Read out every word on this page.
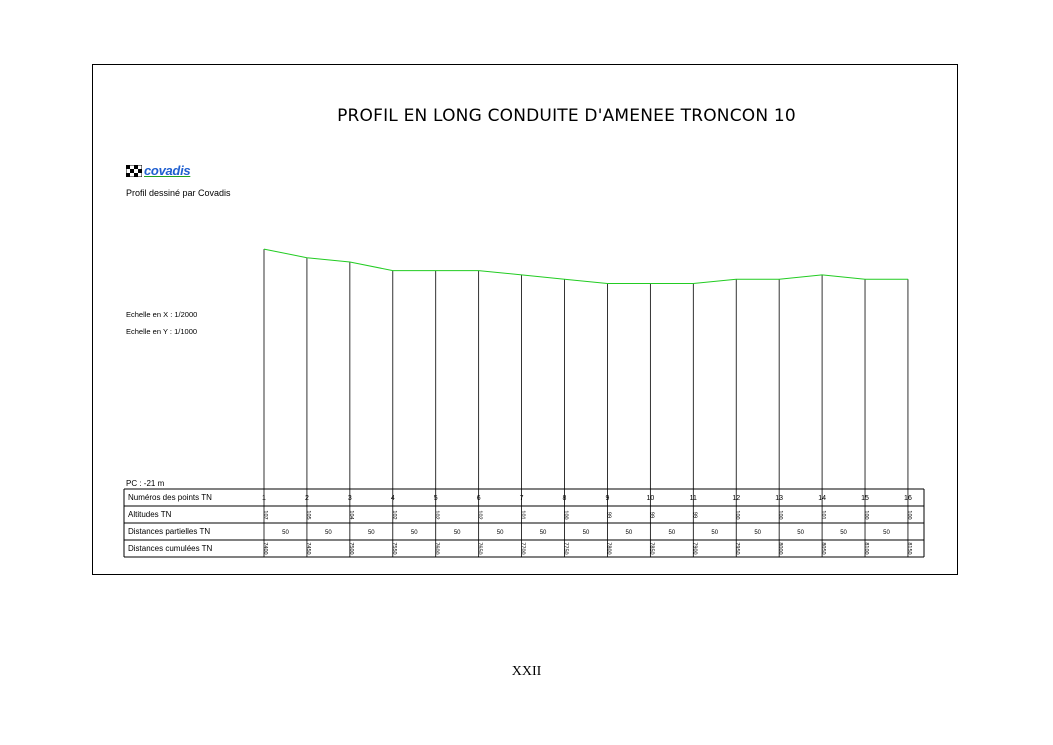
PROFIL EN LONG CONDUITE D'AMENEE TRONCON 10
covadis
Profil dessiné par Covadis
Echelle en X : 1/2000
Echelle en Y : 1/1000
PC : -21 m
Numéros des points TN
Altitudes TN
Distances partielles TN
Distances cumulées TN
1
107
7400
50
2
105
7450
50
3
104
7500
50
4
102
7550
50
5
102
7600
50
6
102
7650
50
7
101
7700
50
8
100
7750
50
9
99
7800
50
10
99
7850
50
11
99
7900
50
12
100
7950
50
13
100
8000
50
14
101
8050
50
15
100
8100
50
16
100
8150
XXII
